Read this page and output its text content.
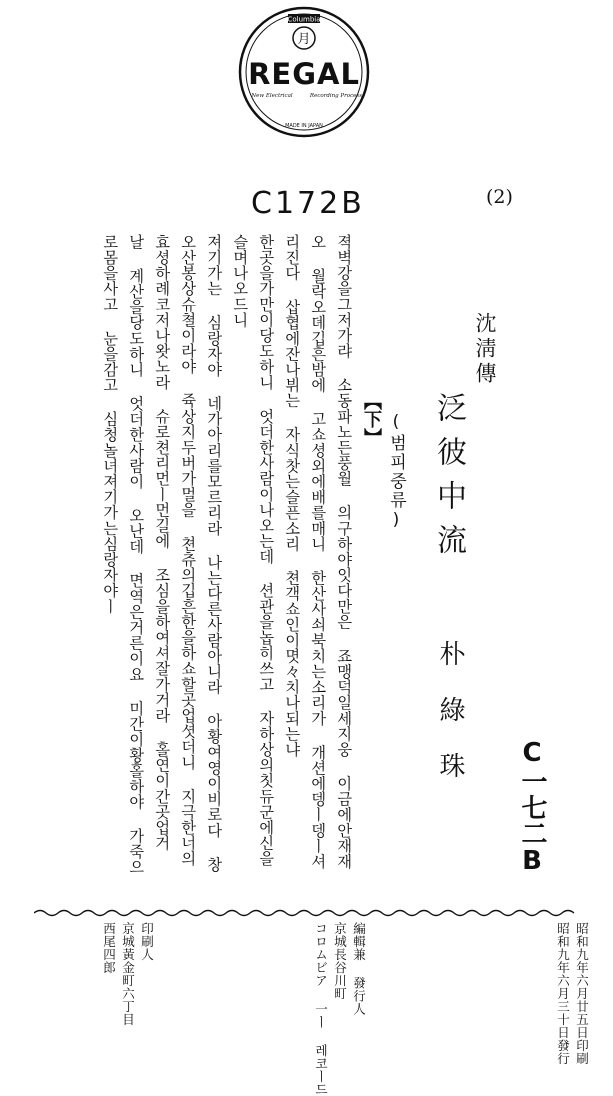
Columbia
月
REGAL
New Electrical	Recording Process
MADE IN JAPAN
C172B	(2)
沈淸傳
泛彼中流
(범피중류)
【下】
朴綠珠 C一七二B
젹벽강을그저가랴 소동파노든풍월 의구하야잇다만은 죠맹덕일세지웅 이금에안재재
오 월락오뎨깁흔밤에 고쇼셩외에배를매니 한산사쇠북치는소리가 개션에뎅ㅣ뎅ㅣ셔
리진다 삽협에잔나뷔는 자식찻는슬픈소리 쳔객쇼인이몃々치나되는냐
한곳을가만이당도하니 엇더한사람이나오는데 션관을놉히쓰고 자하상의칫듀군에신을
슬며나오드니
져기가는 심랑자야 네가아리를모르리라 나는다른사람아니라 아황여영이비로다 창
오산봉상슈쳘이라야 쥭상지두버가멀을 쳔츄의깁흔한을하쇼할곳업셧더니 지극한너의
효셩하례코저나왓노라 슈로쳔리먼ㅣ먼길에 조심을하여셔잘가거라 홀연이간곳업거
날 계산을당도하니 엇더한사람이 오난데 면역은거른이요 미간이황홀하야 가죽으
로몸을사고 눈을감고 심청놀녀져기가는심랑자야ㅣ
昭和九年六月廿五日印刷
昭和九年六月三十日發行
編輯兼 發行人
京城長谷川町
コロムビア 一ㅣ 레코ㅣ드
印刷人
京城黃金町六丁目
西尾四郎
